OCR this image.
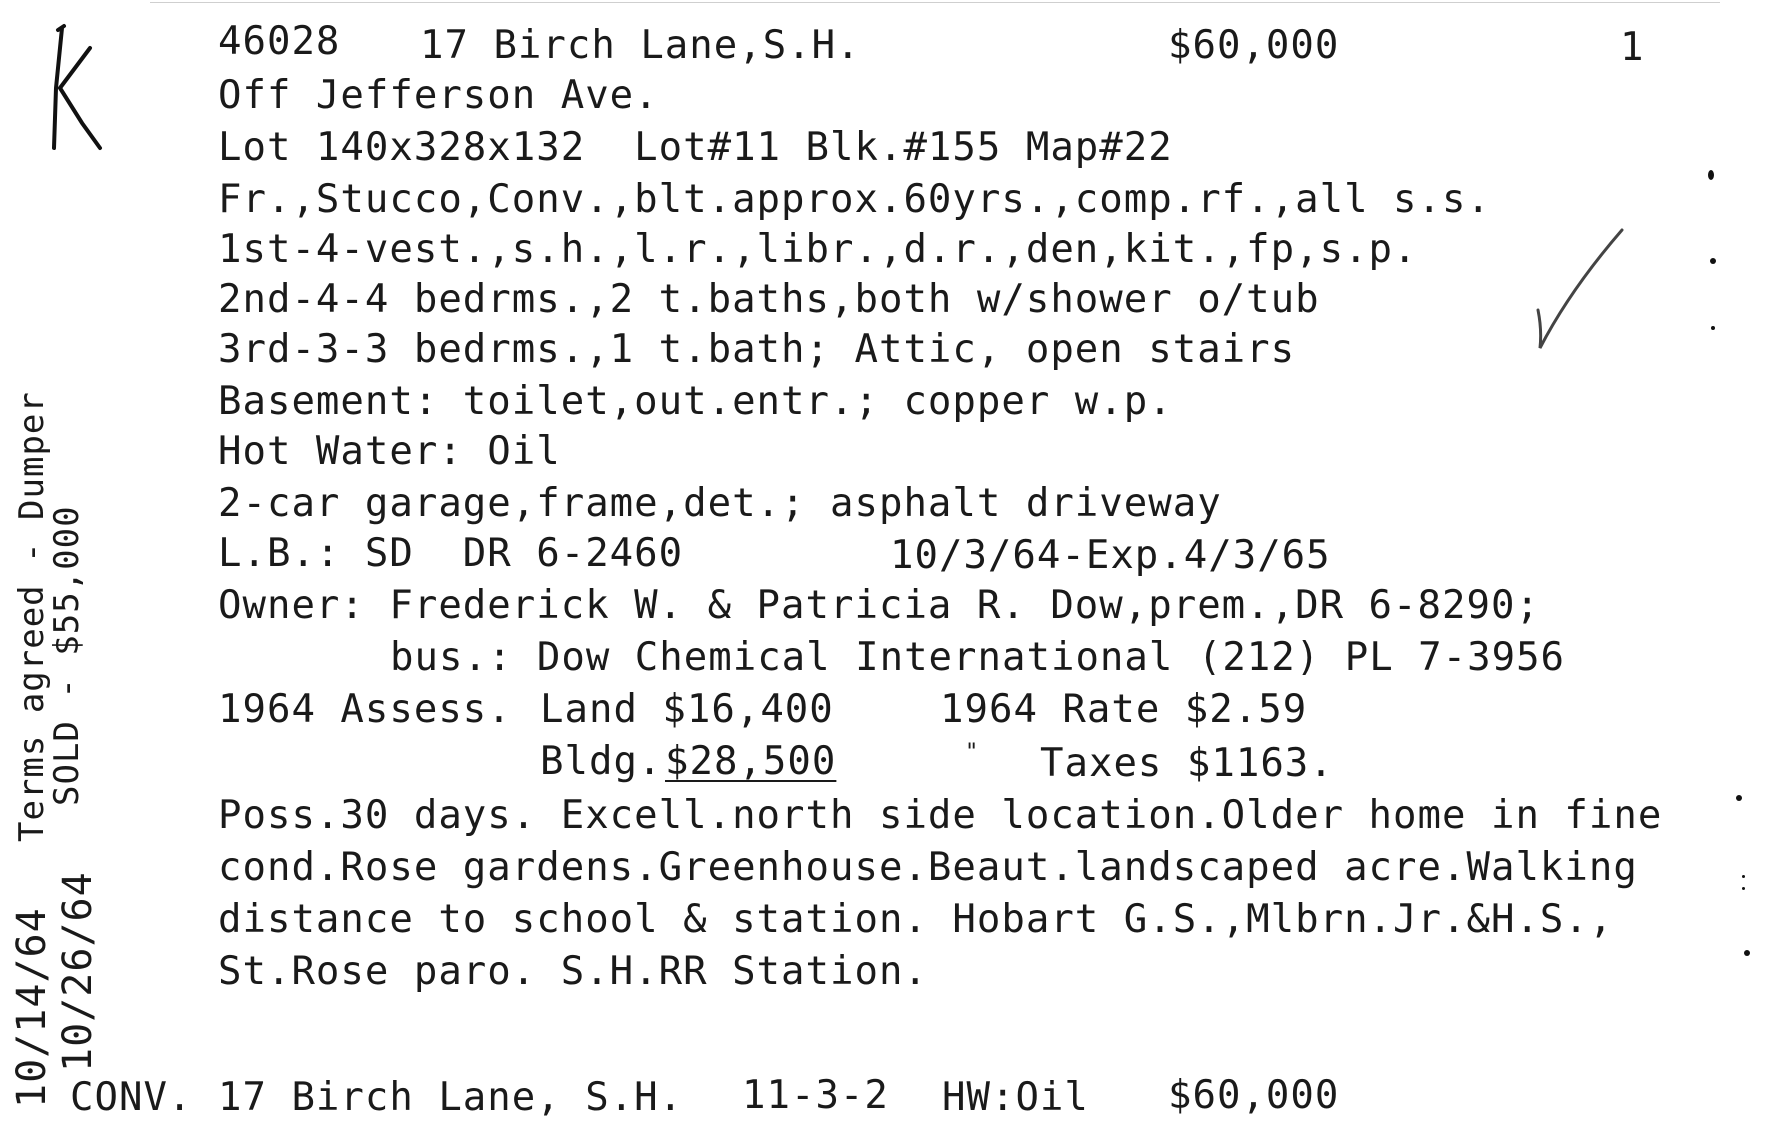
46028 17 Birch Lane,S.H.	$60,000	1
Off Jefferson Ave.
Lot 140x328x132  Lot#11 Blk.#155 Map#22
Fr.,Stucco,Conv.,blt.approx.60yrs.,comp.rf.,all s.s.
1st-4-vest.,s.h.,l.r.,libr.,d.r.,den,kit.,fp,s.p.
2nd-4-4 bedrms.,2 t.baths,both w/shower o/tub
3rd-3-3 bedrms.,1 t.bath; Attic, open stairs
Basement: toilet,out.entr.; copper w.p.
Hot Water: Oil
2-car garage,frame,det.; asphalt driveway
L.B.: SD  DR 6-2460	10/3/64-Exp.4/3/65
Owner: Frederick W. & Patricia R. Dow,prem.,DR 6-8290;
bus.: Dow Chemical International (212) PL 7-3956
1964 Assess. Land $16,400	1964 Rate $2.59
Bldg. $28,500	" Taxes $1163.
Poss.30 days. Excell.north side location.Older home in fine
cond.Rose gardens.Greenhouse.Beaut.landscaped acre.Walking
distance to school & station. Hobart G.S.,Mlbrn.Jr.&H.S.,
St.Rose paro. S.H.RR Station.
CONV. 17 Birch Lane, S.H. 11-3-2 HW:Oil $60,000
Terms agreed - Dumper
SOLD - $55,000
10/14/64 10/26/64
